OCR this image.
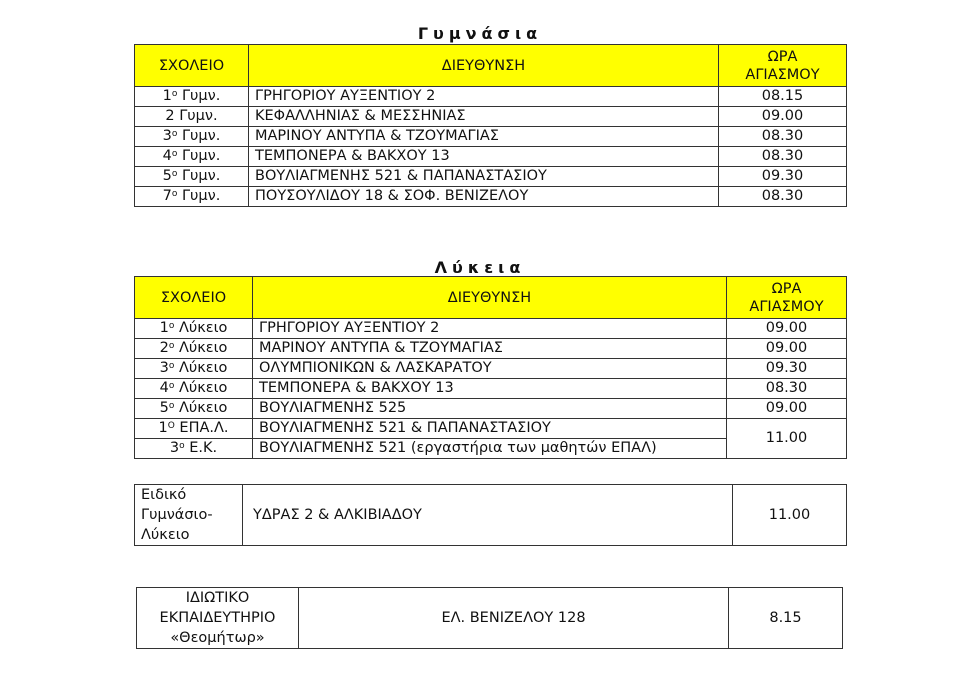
Γυμνάσια
ΣΧΟΛΕΙΟ	ΔΙΕΥΘΥΝΣΗ	ΩΡΑ
ΑΓΙΑΣΜΟΥ
$1^o$ Γυμν.	ΓΡΗΓΟΡΙΟΥ ΑΥΞΕΝΤΙΟΥ 2	08.15
2 Γυμν.	ΚΕΦΑΛΛΗΝΙΑΣ & ΜΕΣΣΗΝΙΑΣ	09.00
$3^o$ Γυμν.	ΜΑΡΙΝΟΥ ΑΝΤΥΠΑ & ΤΖΟΥΜΑΓΙΑΣ	08.30
$4^o$ Γυμν.	ΤΕΜΠΟΝΕΡΑ & ΒΑΚΧΟΥ 13	08.30
$5^o$ Γυμν.	ΒΟΥΛΙΑΓΜΕΝΗΣ 521 & ΠΑΠΑΝΑΣΤΑΣΙΟΥ	09.30
$7^o$ Γυμν.	ΠΟΥΣΟΥΛΙΔΟΥ 18 & ΣΟΦ. ΒΕΝΙΖΕΛΟΥ	08.30
Λύκεια
ΣΧΟΛΕΙΟ	ΔΙΕΥΘΥΝΣΗ	ΩΡΑ
ΑΓΙΑΣΜΟΥ
$1^o$ Λύκειο	ΓΡΗΓΟΡΙΟΥ ΑΥΞΕΝΤΙΟΥ 2	09.00
$2^o$ Λύκειο	ΜΑΡΙΝΟΥ ΑΝΤΥΠΑ & ΤΖΟΥΜΑΓΙΑΣ	09.00
$3^o$ Λύκειο	ΟΛΥΜΠΙΟΝΙΚΩΝ & ΛΑΣΚΑΡΑΤΟΥ	09.30
$4^o$ Λύκειο	ΤΕΜΠΟΝΕΡΑ & ΒΑΚΧΟΥ 13	08.30
$5^o$ Λύκειο	ΒΟΥΛΙΑΓΜΕΝΗΣ 525	09.00
$1^O$ ΕΠΑ.Λ.	ΒΟΥΛΙΑΓΜΕΝΗΣ 521 & ΠΑΠΑΝΑΣΤΑΣΙΟΥ	11.00
$3^o$ Ε.Κ.	ΒΟΥΛΙΑΓΜΕΝΗΣ 521 (εργαστήρια των μαθητών ΕΠΑΛ)	
Ειδικό
Γυμνάσιο-
Λύκειο	ΥΔΡΑΣ 2 & ΑΛΚΙΒΙΑΔΟΥ	11.00
ΙΔΙΩΤΙΚΟ
ΕΚΠΑΙΔΕΥΤΗΡΙΟ
«Θεομήτωρ»	ΕΛ. ΒΕΝΙΖΕΛΟΥ 128	8.15
